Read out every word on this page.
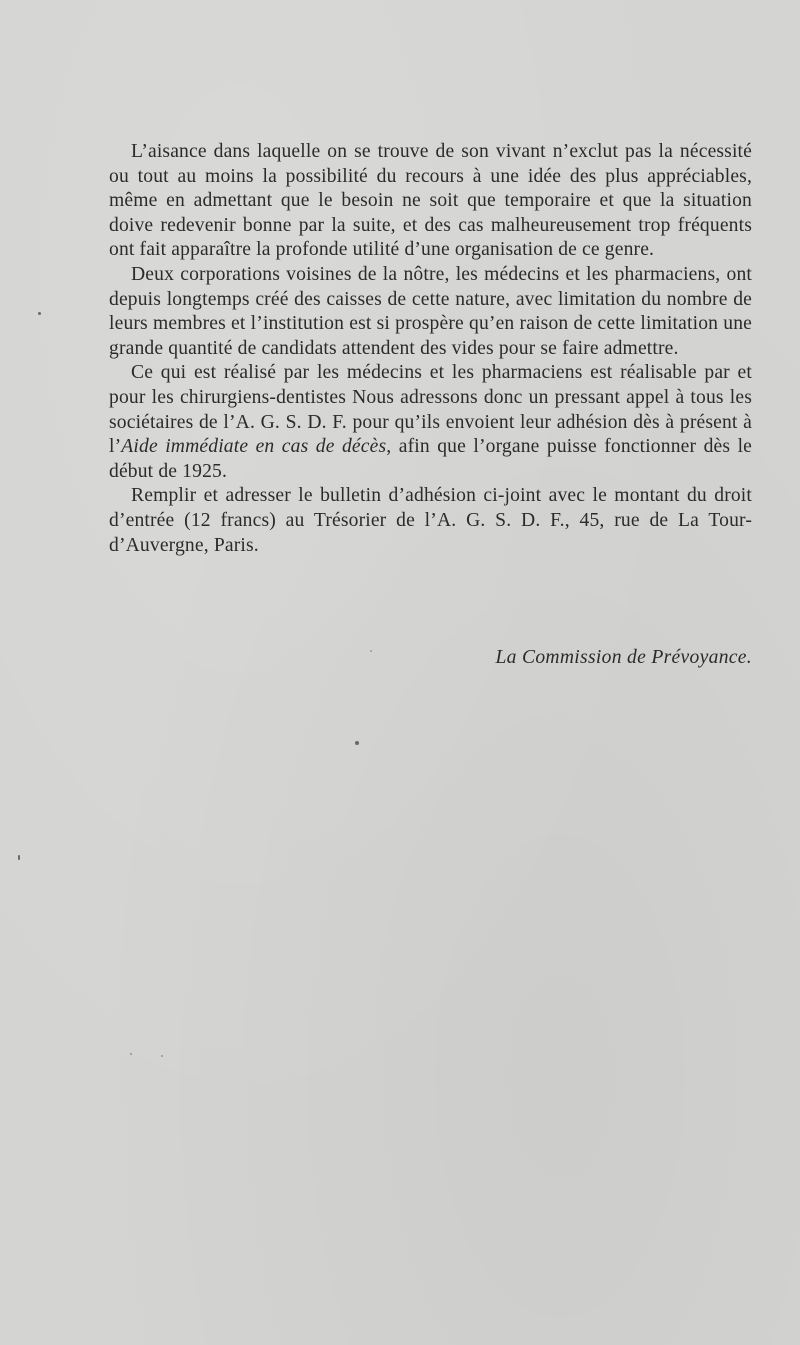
L’aisance dans laquelle on se trouve de son vivant n’exclut pas la nécessité ou tout au moins la possibilité du recours à une idée des plus appréciables, même en admettant que le besoin ne soit que temporaire et que la situation doive redevenir bonne par la suite, et des cas malheureusement trop fréquents ont fait apparaître la profonde utilité d’une organisation de ce genre.

Deux corporations voisines de la nôtre, les médecins et les pharmaciens, ont depuis longtemps créé des caisses de cette nature, avec limitation du nombre de leurs membres et l’institution est si prospère qu’en raison de cette limitation une grande quantité de candidats attendent des vides pour se faire admettre.

Ce qui est réalisé par les médecins et les pharmaciens est réalisable par et pour les chirurgiens-dentistes Nous adressons donc un pressant appel à tous les sociétaires de l’A. G. S. D. F. pour qu’ils envoient leur adhésion dès à présent à l’Aide immédiate en cas de décès, afin que l’organe puisse fonctionner dès le début de 1925.

Remplir et adresser le bulletin d’adhésion ci-joint avec le montant du droit d’entrée (12 francs) au Trésorier de l’A. G. S. D. F., 45, rue de La Tour-d’Auvergne, Paris.

La Commission de Prévoyance.
